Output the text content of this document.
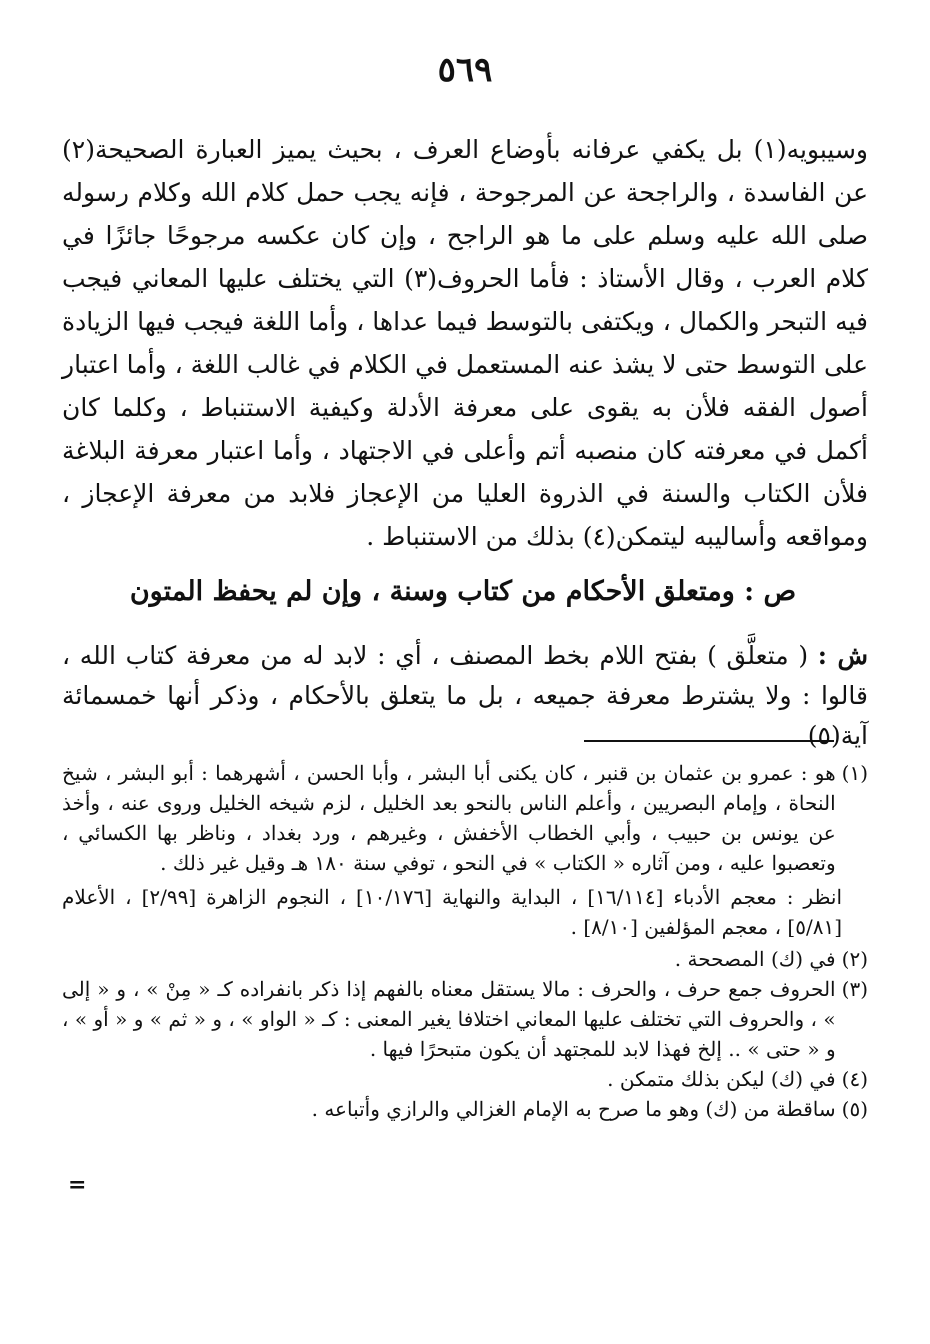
٥٦٩

وسيبويه(١) بل يكفي عرفانه بأوضاع العرف ، بحيث يميز العبارة الصحيحة(٢) عن الفاسدة ، والراجحة عن المرجوحة ، فإنه يجب حمل كلام الله وكلام رسوله صلى الله عليه وسلم على ما هو الراجح ، وإن كان عكسه مرجوحًا جائزًا في كلام العرب ، وقال الأستاذ : فأما الحروف(٣) التي يختلف عليها المعاني فيجب فيه التبحر والكمال ، ويكتفى بالتوسط فيما عداها ، وأما اللغة فيجب فيها الزيادة على التوسط حتى لا يشذ عنه المستعمل في الكلام في غالب اللغة ، وأما اعتبار أصول الفقه فلأن به يقوى على معرفة الأدلة وكيفية الاستنباط ، وكلما كان أكمل في معرفته كان منصبه أتم وأعلى في الاجتهاد ، وأما اعتبار معرفة البلاغة فلأن الكتاب والسنة في الذروة العليا من الإعجاز فلابد من معرفة الإعجاز ، ومواقعه وأساليبه ليتمكن(٤) بذلك من الاستنباط .

ص : ومتعلق الأحكام من كتاب وسنة ، وإن لم يحفظ المتون

ش : ( متعلَّق ) بفتح اللام بخط المصنف ، أي : لابد له من معرفة كتاب الله ، قالوا : ولا يشترط معرفة جميعه ، بل ما يتعلق بالأحكام ، وذكر أنها خمسمائة آية(٥)

(١)
هو : عمرو بن عثمان بن قنبر ، كان يكنى أبا البشر ، وأبا الحسن ، أشهرهما : أبو البشر ، شيخ النحاة ، وإمام البصريين ، وأعلم الناس بالنحو بعد الخليل ، لزم شيخه الخليل وروى عنه ، وأخذ عن يونس بن حبيب ، وأبي الخطاب الأخفش ، وغيرهم ، ورد بغداد ، وناظر بها الكسائي ، وتعصبوا عليه ، ومن آثاره « الكتاب » في النحو ، توفي سنة ١٨٠ هـ وقيل غير ذلك .
انظر : معجم الأدباء [١٦/١١٤] ، البداية والنهاية [١٠/١٧٦] ، النجوم الزاهرة [٢/٩٩] ، الأعلام [٥/٨١] ، معجم المؤلفين [٨/١٠] .
(٢)
في (ك) المصححة .
(٣)
الحروف جمع حرف ، والحرف : مالا يستقل معناه بالفهم إذا ذكر بانفراده كـ « مِنْ » ، و « إلى » ، والحروف التي تختلف عليها المعاني اختلافا يغير المعنى : كـ « الواو » ، و « ثم » و « أو » ، و « حتى » .. إلخ فهذا لابد للمجتهد أن يكون متبحرًا فيها .
(٤)
في (ك) ليكن بذلك متمكن .
(٥)
ساقطة من (ك) وهو ما صرح به الإمام الغزالي والرازي وأتباعه .
=
